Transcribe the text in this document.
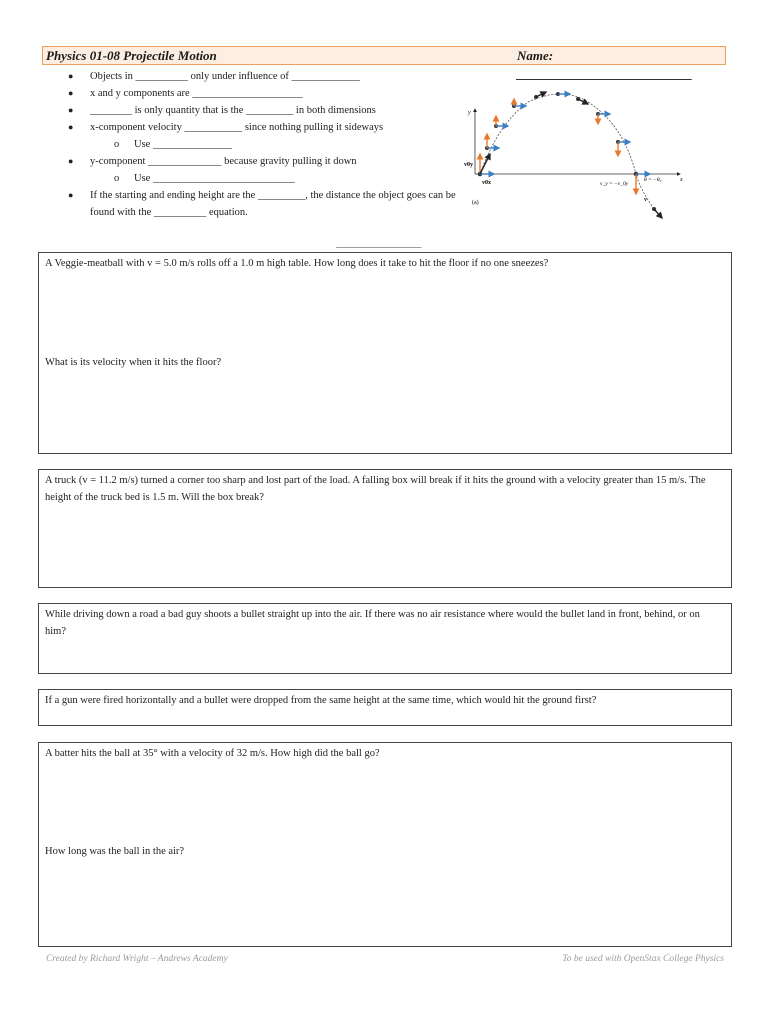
Physics 01-08 Projectile Motion	Name: ___________________________
● Objects in __________ only under influence of _____________
● x and y components are _____________________
● ________ is only quantity that is the _________ in both dimensions
● x-component velocity ___________ since nothing pulling it sideways
o Use _______________
● y-component ______________ because gravity pulling it down
o Use ___________________________
● If the starting and ending height are the _________, the distance the object goes can be found with the __________ equation.
y
x
v0y
v0x
v
v_y = −v_0y
θ = −θ₀
(a)
___________________

A Veggie-meatball with v = 5.0 m/s rolls off a 1.0 m high table. How long does it take to hit the floor if no one sneezes?

What is its velocity when it hits the floor?

A truck (v = 11.2 m/s) turned a corner too sharp and lost part of the load. A falling box will break if it hits the ground with a velocity greater than 15 m/s. The height of the truck bed is 1.5 m. Will the box break?

While driving down a road a bad guy shoots a bullet straight up into the air. If there was no air resistance where would the bullet land in front, behind, or on him?

If a gun were fired horizontally and a bullet were dropped from the same height at the same time, which would hit the ground first?

A batter hits the ball at 35° with a velocity of 32 m/s. How high did the ball go?

How long was the ball in the air?

Created by Richard Wright – Andrews Academy	To be used with OpenStax College Physics
